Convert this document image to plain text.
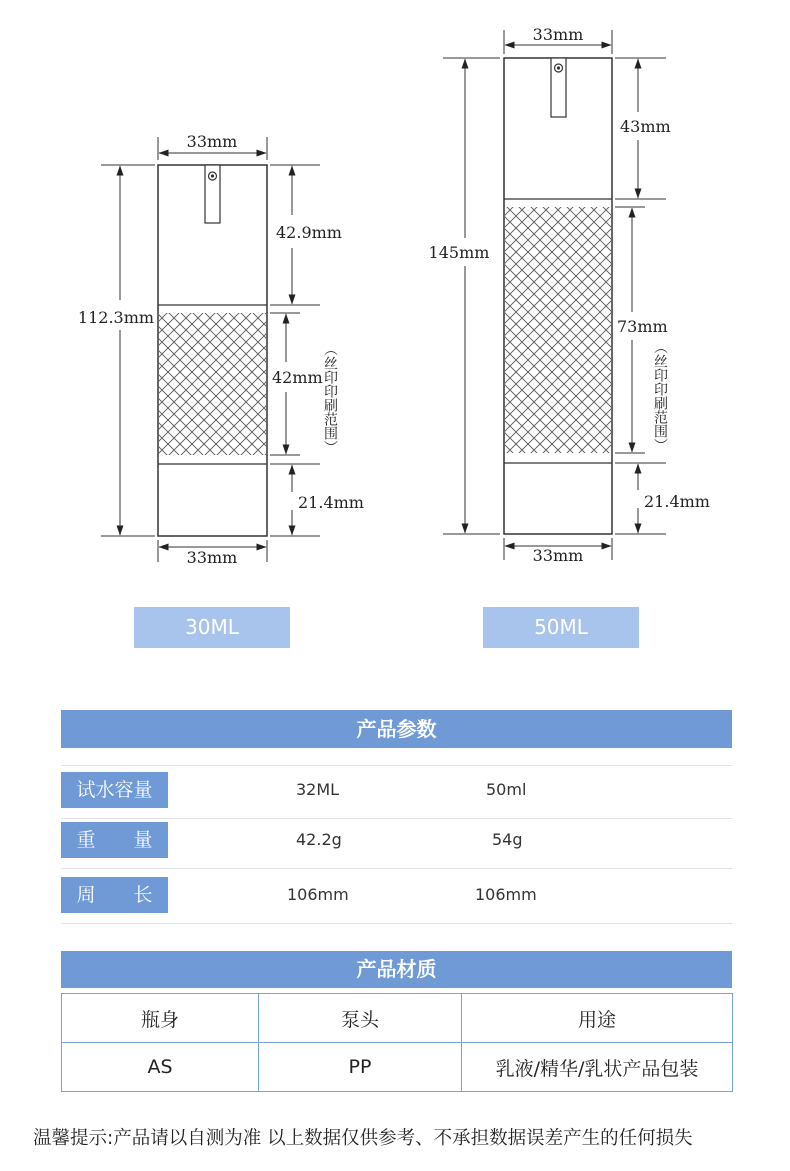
33mm
33mm
112.3mm
42.9mm
42mm
21.4mm
（丝印印刷范围）
33mm
33mm
145mm
43mm
73mm
21.4mm
（丝印印刷范围）
30ML	50ML
产品参数
试水容量	32ML	50ml
重　　量	42.2g	54g
周　　长	106mm	106mm
产品材质
瓶身	泵头	用途
AS	PP	乳液/精华/乳状产品包装
温馨提示:产品请以自测为准 以上数据仅供参考、不承担数据误差产生的任何损失
